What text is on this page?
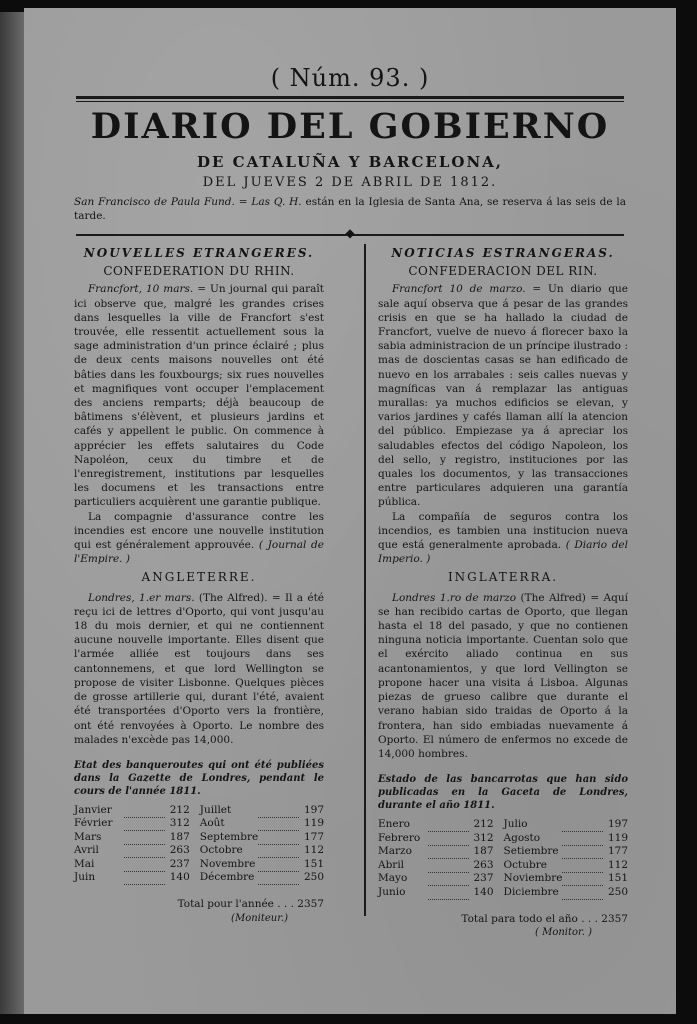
( Núm. 93. )
DIARIO DEL GOBIERNO
DE CATALUÑA Y BARCELONA,
DEL JUEVES 2 DE ABRIL DE 1812.
San Francisco de Paula Fund. = Las Q. H. están en la Iglesia de Santa Ana, se reserva á las seis de la tarde.
◆
NOUVELLES ETRANGERES.
CONFEDERATION DU RHIN.

Francfort, 10 mars. = Un journal qui paraît ici observe que, malgré les grandes crises dans lesquelles la ville de Francfort s'est trouvée, elle ressentit actuellement sous la sage administration d'un prince éclairé ; plus de deux cents maisons nouvelles ont été bâties dans les fouxbourgs; six rues nouvelles et magnifiques vont occuper l'emplacement des anciens remparts; déjà beaucoup de bâtimens s'élèvent, et plusieurs jardins et cafés y appellent le public. On commence à apprécier les effets salutaires du Code Napoléon, ceux du timbre et de l'enregistrement, institutions par lesquelles les documens et les transactions entre particuliers acquièrent une garantie publique.

La compagnie d'assurance contre les incendies est encore une nouvelle institution qui est généralement approuvée. ( Journal de l'Empire. )

ANGLETERRE.

Londres, 1.er mars. (The Alfred). = Il a été reçu ici de lettres d'Oporto, qui vont jusqu'au 18 du mois dernier, et qui ne contiennent aucune nouvelle importante. Elles disent que l'armée alliée est toujours dans ses cantonnemens, et que lord Wellington se propose de visiter Lisbonne. Quelques pièces de grosse artillerie qui, durant l'été, avaient été transportées d'Oporto vers la frontière, ont été renvoyées à Oporto. Le nombre des malades n'excède pas 14,000.

Etat des banqueroutes qui ont été publiées dans la Gazette de Londres, pendant le cours de l'année 1811.
Janvier		212		Juillet		197
Février		312		Août		119
Mars		187		Septembre		177
Avril		263		Octobre		112
Mai		237		Novembre		151
Juin		140		Décembre		250
Total pour l'année . . . 2357
(Moniteur.)
NOTICIAS ESTRANGERAS.
CONFEDERACION DEL RIN.

Francfort 10 de marzo. = Un diario que sale aquí observa que á pesar de las grandes crisis en que se ha hallado la ciudad de Francfort, vuelve de nuevo á florecer baxo la sabia administracion de un príncipe ilustrado : mas de doscientas casas se han edificado de nuevo en los arrabales : seis calles nuevas y magníficas van á remplazar las antiguas murallas: ya muchos edificios se elevan, y varios jardines y cafés llaman allí la atencion del público. Empiezase ya á apreciar los saludables efectos del código Napoleon, los del sello, y registro, instituciones por las quales los documentos, y las transacciones entre particulares adquieren una garantía pública.

La compañía de seguros contra los incendios, es tambien una institucion nueva que está generalmente aprobada. ( Diario del Imperio. )

INGLATERRA.

Londres 1.ro de marzo (The Alfred) = Aquí se han recibido cartas de Oporto, que llegan hasta el 18 del pasado, y que no contienen ninguna noticia importante. Cuentan solo que el exército aliado continua en sus acantonamientos, y que lord Vellington se propone hacer una visita á Lisboa. Algunas piezas de grueso calibre que durante el verano habian sido traidas de Oporto á la frontera, han sido embiadas nuevamente á Oporto. El número de enfermos no excede de 14,000 hombres.

Estado de las bancarrotas que han sido publicadas en la Gaceta de Londres, durante el año 1811.
Enero		212		Julio		197
Febrero		312		Agosto		119
Marzo		187		Setiembre		177
Abril		263		Octubre		112
Mayo		237		Noviembre		151
Junio		140		Diciembre		250
Total para todo el año . . . 2357
( Monitor. )
